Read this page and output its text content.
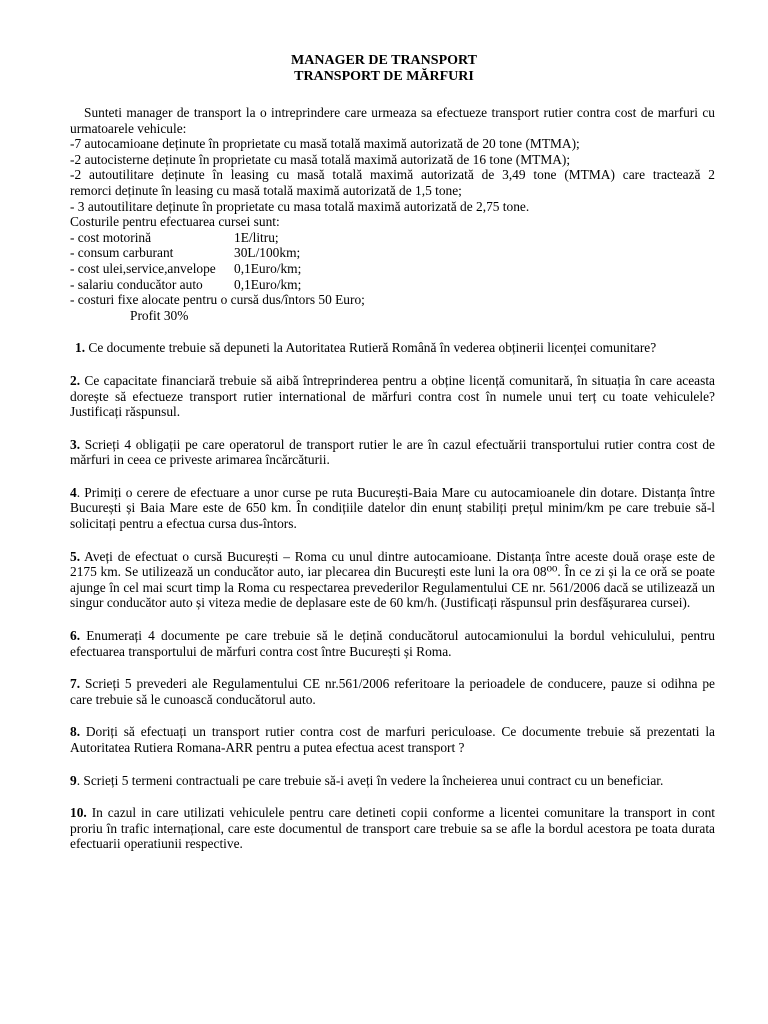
MANAGER DE TRANSPORT
TRANSPORT DE MĂRFURI

Sunteti manager de transport la o intreprindere care urmeaza sa efectueze transport rutier contra cost de marfuri cu urmatoarele vehicule:

-7 autocamioane deținute în proprietate cu masă totală maximă autorizată de 20 tone (MTMA);
-2 autocisterne deținute în proprietate cu masă totală maximă autorizată de 16 tone (MTMA);
-2 autoutilitare deținute în leasing cu masă totală maximă autorizată de 3,49 tone (MTMA) care tractează 2
remorci deținute în leasing cu masă totală maximă autorizată de 1,5 tone;
- 3 autoutilitare deținute în proprietate cu masa totală maximă autorizată de 2,75 tone.
Costurile pentru efectuarea cursei sunt:
- cost motorină	1E/litru;
- consum carburant	30L/100km;
- cost ulei,service,anvelope	0,1Euro/km;
- salariu conducător auto	0,1Euro/km;
- costuri fixe alocate pentru o cursă dus/întors 50 Euro;
Profit 30%

1. Ce documente trebuie să depuneti la Autoritatea Rutieră Română în vederea obținerii licenței comunitare?

2. Ce capacitate financiară trebuie să aibă întreprinderea pentru a obține licență comunitară, în situația în care aceasta dorește să efectueze transport rutier international de mărfuri contra cost în numele unui terț cu toate vehiculele? Justificați răspunsul.

3. Scrieți 4 obligații pe care operatorul de transport rutier le are în cazul efectuării transportului rutier contra cost de mărfuri in ceea ce priveste arimarea încărcăturii.

4. Primiți o cerere de efectuare a unor curse pe ruta București-Baia Mare cu autocamioanele din dotare. Distanța între București și Baia Mare este de 650 km. În condițiile datelor din enunț stabiliți prețul minim/km pe care trebuie să-l solicitați pentru a efectua cursa dus-întors.

5. Aveți de efectuat o cursă București – Roma cu unul dintre autocamioane. Distanța între aceste două orașe este de 2175 km. Se utilizează un conducător auto, iar plecarea din București este luni la ora 08⁰⁰. În ce zi și la ce oră se poate ajunge în cel mai scurt timp la Roma cu respectarea prevederilor Regulamentului CE nr. 561/2006 dacă se utilizează un singur conducător auto și viteza medie de deplasare este de 60 km/h. (Justificați răspunsul prin desfășurarea cursei).

6. Enumerați 4 documente pe care trebuie să le dețină conducătorul autocamionului la bordul vehiculului, pentru efectuarea transportului de mărfuri contra cost între București și Roma.

7. Scrieți 5 prevederi ale Regulamentului CE nr.561/2006 referitoare la perioadele de conducere, pauze si odihna pe care trebuie să le cunoască conducătorul auto.

8. Doriți să efectuați un transport rutier contra cost de marfuri periculoase. Ce documente trebuie să prezentati la Autoritatea Rutiera Romana-ARR pentru a putea efectua acest transport ?

9. Scrieți 5 termeni contractuali pe care trebuie să-i aveți în vedere la încheierea unui contract cu un beneficiar.

10. In cazul in care utilizati vehiculele pentru care detineti copii conforme a licentei comunitare la transport in cont proriu în trafic internațional, care este documentul de transport care trebuie sa se afle la bordul acestora pe toata durata efectuarii operatiunii respective.
